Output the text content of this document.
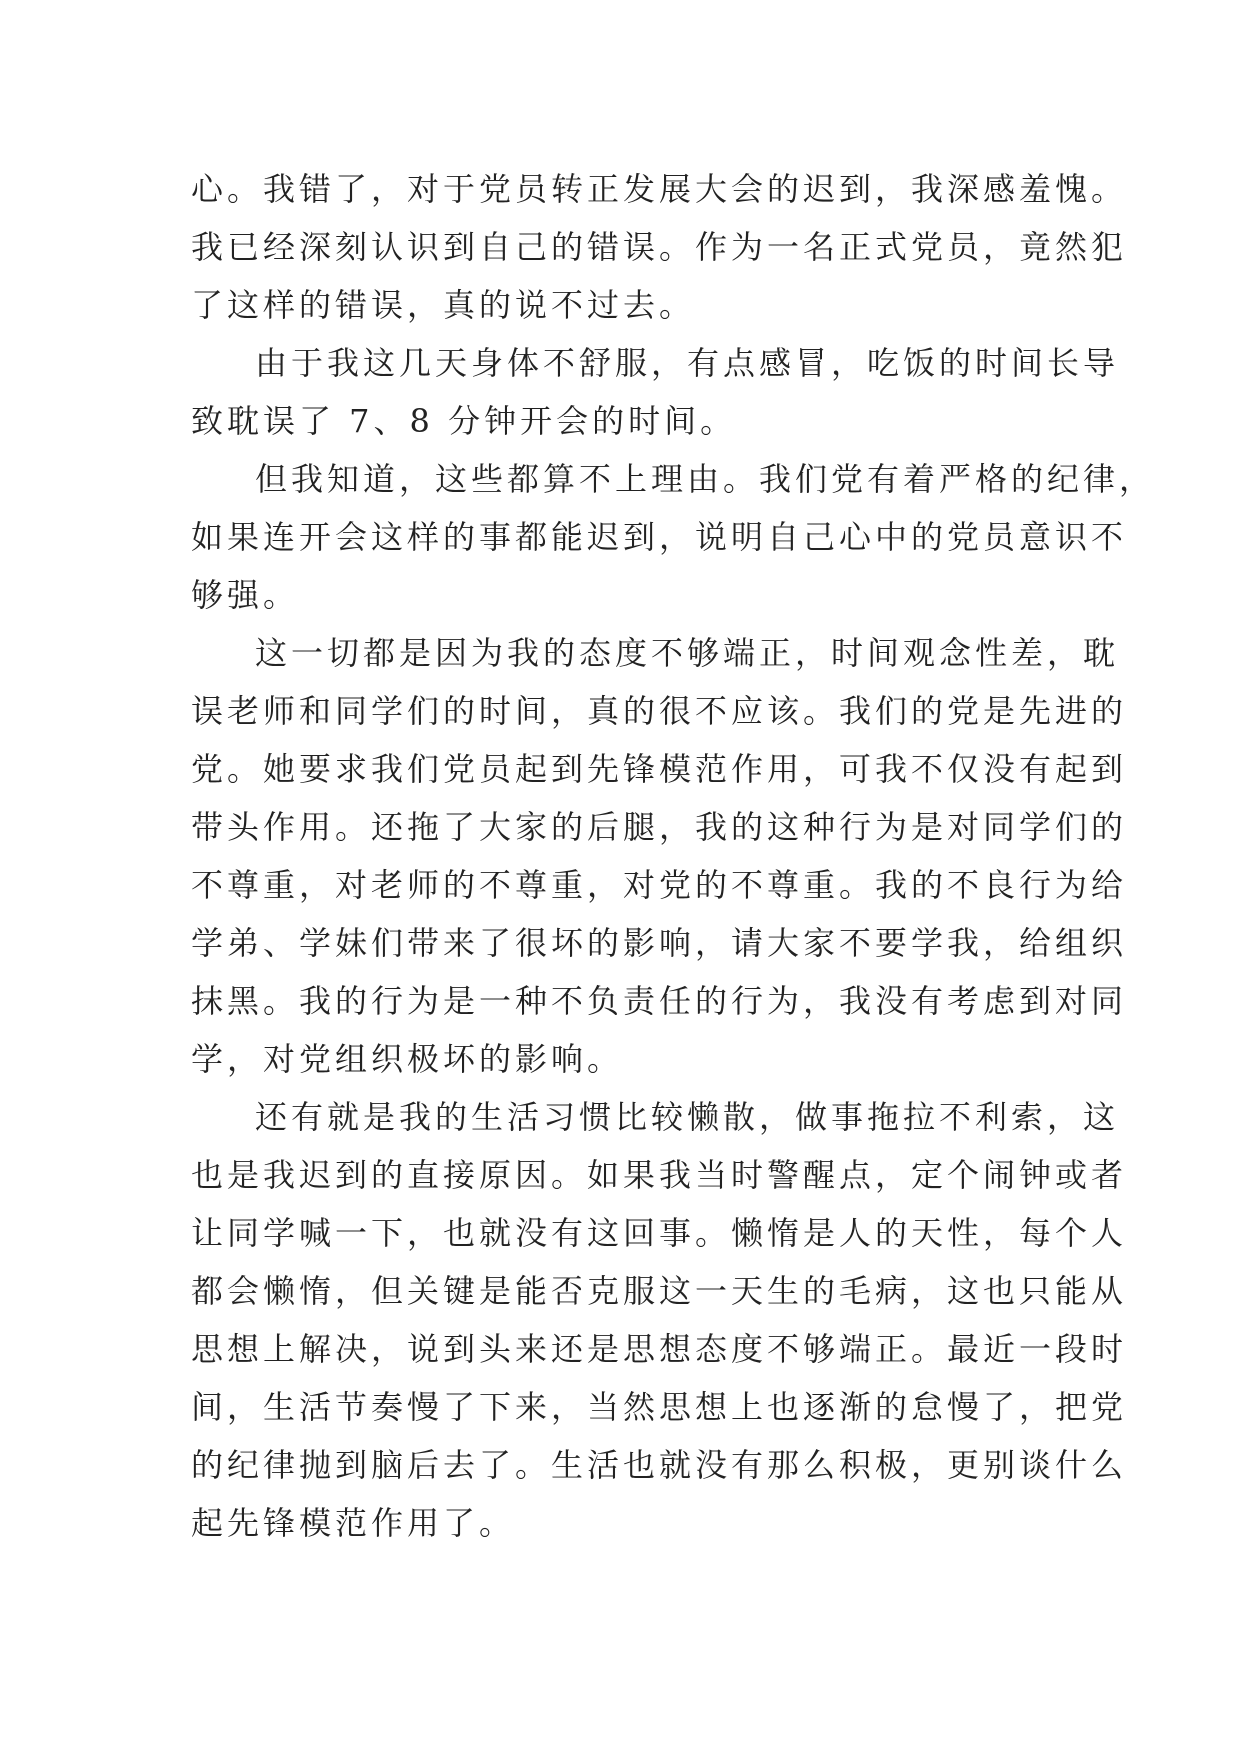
心。我错了，对于党员转正发展大会的迟到，我深感羞愧。
我已经深刻认识到自己的错误。作为一名正式党员，竟然犯
了这样的错误，真的说不过去。
由于我这几天身体不舒服，有点感冒，吃饭的时间长导
致耽误了 7、8 分钟开会的时间。
但我知道，这些都算不上理由。我们党有着严格的纪律，
如果连开会这样的事都能迟到，说明自己心中的党员意识不
够强。
这一切都是因为我的态度不够端正，时间观念性差，耽
误老师和同学们的时间，真的很不应该。我们的党是先进的
党。她要求我们党员起到先锋模范作用，可我不仅没有起到
带头作用。还拖了大家的后腿，我的这种行为是对同学们的
不尊重，对老师的不尊重，对党的不尊重。我的不良行为给
学弟、学妹们带来了很坏的影响，请大家不要学我，给组织
抹黑。我的行为是一种不负责任的行为，我没有考虑到对同
学，对党组织极坏的影响。
还有就是我的生活习惯比较懒散，做事拖拉不利索，这
也是我迟到的直接原因。如果我当时警醒点，定个闹钟或者
让同学喊一下，也就没有这回事。懒惰是人的天性，每个人
都会懒惰，但关键是能否克服这一天生的毛病，这也只能从
思想上解决，说到头来还是思想态度不够端正。最近一段时
间，生活节奏慢了下来，当然思想上也逐渐的怠慢了，把党
的纪律抛到脑后去了。生活也就没有那么积极，更别谈什么
起先锋模范作用了。
